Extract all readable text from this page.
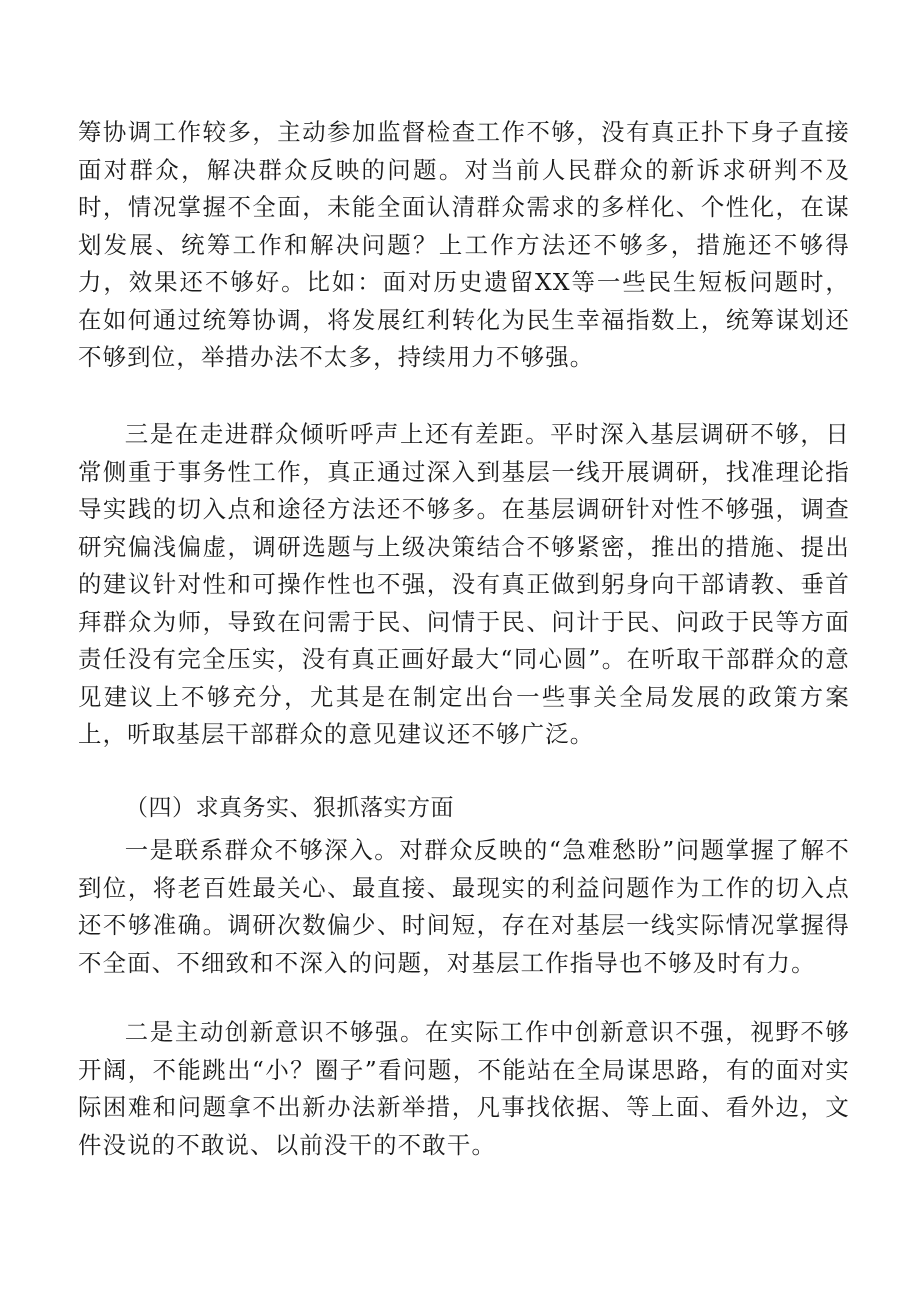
筹协调工作较多，主动参加监督检查工作不够，没有真正扑下身子直接面对群众，解决群众反映的问题。对当前人民群众的新诉求研判不及时，情况掌握不全面，未能全面认清群众需求的多样化、个性化，在谋划发展、统筹工作和解决问题？上工作方法还不够多，措施还不够得力，效果还不够好。比如：面对历史遗留XX等一些民生短板问题时，在如何通过统筹协调，将发展红利转化为民生幸福指数上，统筹谋划还不够到位，举措办法不太多，持续用力不够强。

三是在走进群众倾听呼声上还有差距。平时深入基层调研不够，日常侧重于事务性工作，真正通过深入到基层一线开展调研，找准理论指导实践的切入点和途径方法还不够多。在基层调研针对性不够强，调查研究偏浅偏虚，调研选题与上级决策结合不够紧密，推出的措施、提出的建议针对性和可操作性也不强，没有真正做到躬身向干部请教、垂首拜群众为师，导致在问需于民、问情于民、问计于民、问政于民等方面责任没有完全压实，没有真正画好最大“同心圆”。在听取干部群众的意见建议上不够充分，尤其是在制定出台一些事关全局发展的政策方案上，听取基层干部群众的意见建议还不够广泛。

（四）求真务实、狠抓落实方面

一是联系群众不够深入。对群众反映的“急难愁盼”问题掌握了解不到位，将老百姓最关心、最直接、最现实的利益问题作为工作的切入点还不够准确。调研次数偏少、时间短，存在对基层一线实际情况掌握得不全面、不细致和不深入的问题，对基层工作指导也不够及时有力。

二是主动创新意识不够强。在实际工作中创新意识不强，视野不够开阔，不能跳出“小？圈子”看问题，不能站在全局谋思路，有的面对实际困难和问题拿不出新办法新举措，凡事找依据、等上面、看外边，文件没说的不敢说、以前没干的不敢干。
